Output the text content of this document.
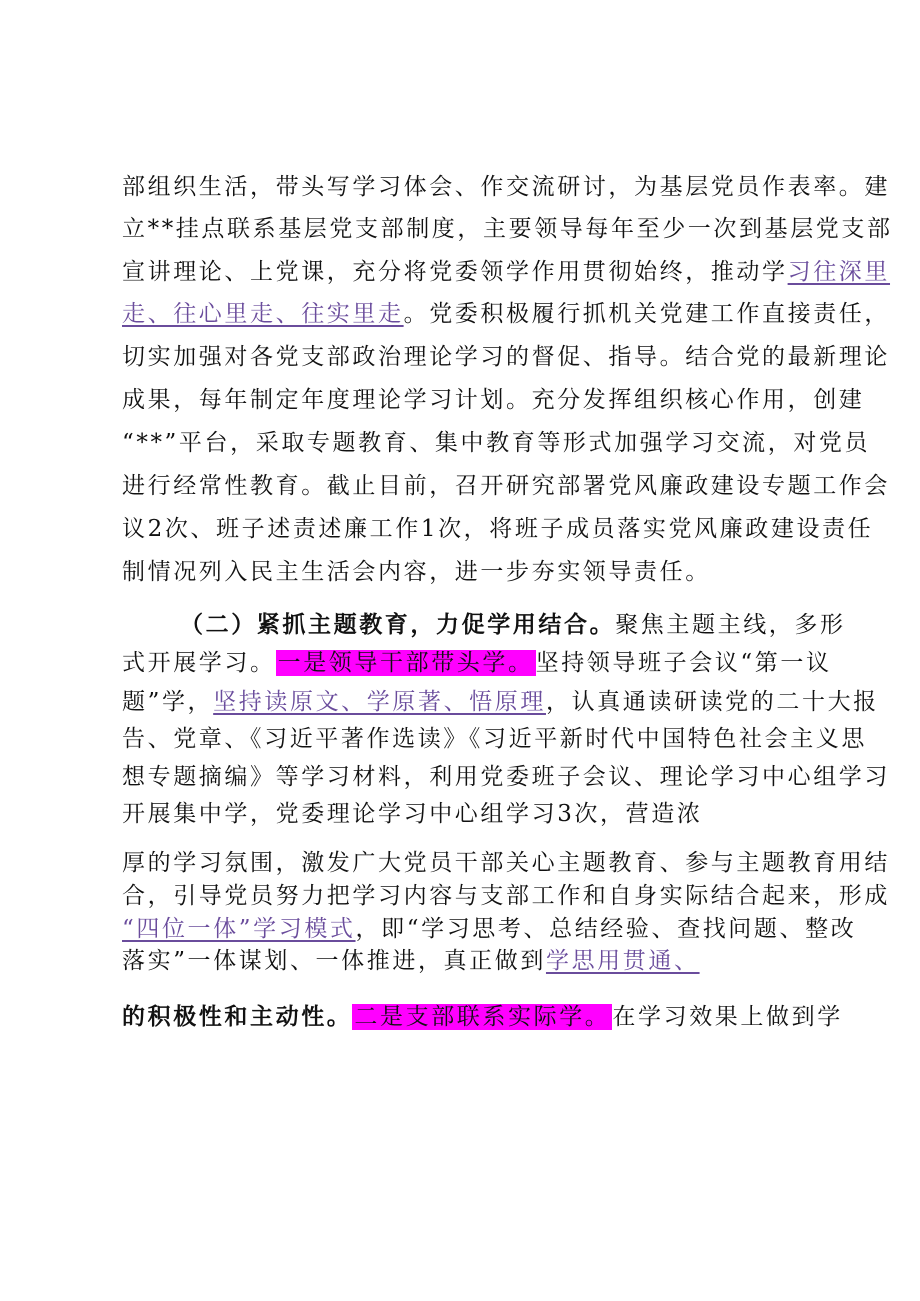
部组织生活，带头写学习体会、作交流研讨，为基层党员作表率。建
立**挂点联系基层党支部制度，主要领导每年至少一次到基层党支部
宣讲理论、上党课，充分将党委领学作用贯彻始终，推动学习往深里
走、往心里走、往实里走。党委积极履行抓机关党建工作直接责任，
切实加强对各党支部政治理论学习的督促、指导。结合党的最新理论
成果，每年制定年度理论学习计划。充分发挥组织核心作用，创建
“**”平台，采取专题教育、集中教育等形式加强学习交流，对党员
进行经常性教育。截止目前，召开研究部署党风廉政建设专题工作会
议2次、班子述责述廉工作1次，将班子成员落实党风廉政建设责任
制情况列入民主生活会内容，进一步夯实领导责任。
（二）紧抓主题教育，力促学用结合。聚焦主题主线，多形
式开展学习。一是领导干部带头学。坚持领导班子会议“第一议
题”学，坚持读原文、学原著、悟原理，认真通读研读党的二十大报
告、党章、《习近平著作选读》《习近平新时代中国特色社会主义思
想专题摘编》等学习材料，利用党委班子会议、理论学习中心组学习
开展集中学，党委理论学习中心组学习3次，营造浓
厚的学习氛围，激发广大党员干部关心主题教育、参与主题教育用结
合，引导党员努力把学习内容与支部工作和自身实际结合起来，形成
“四位一体”学习模式，即“学习思考、总结经验、查找问题、整改
落实”一体谋划、一体推进，真正做到学思用贯通、
的积极性和主动性。二是支部联系实际学。在学习效果上做到学
